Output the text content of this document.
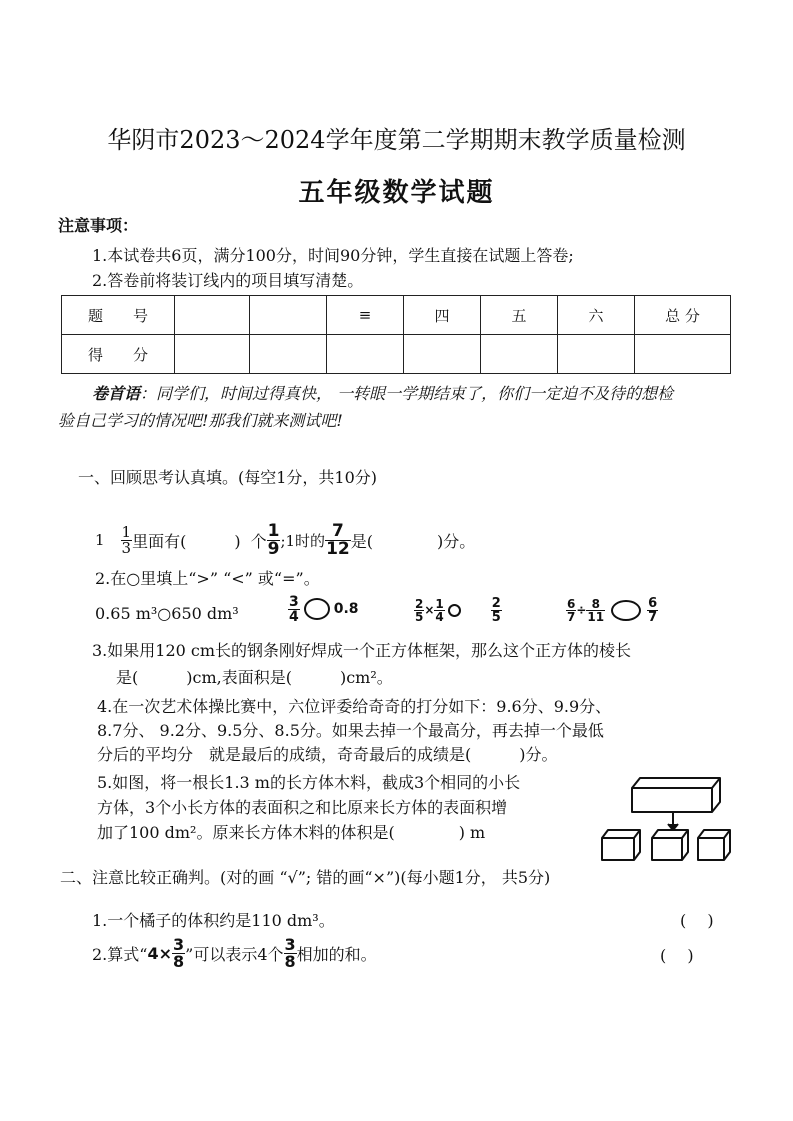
华阴市2023～2024学年度第二学期期末教学质量检测
五年级数学试题
注意事项：
1.本试卷共6页，满分100分，时间90分钟，学生直接在试题上答卷;
2.答卷前将装订线内的项目填写清楚。
题　　号			≡	四	五	六	总 分
得　　分							
卷首语：同学们，时间过得真快， 一转眼一学期结束了，你们一定迫不及待的想检
验自己学习的情况吧!那我们就来测试吧!
一、回顾思考认真填。(每空1分，共10分)
$1 \frac{1}{3}$ 里面有(　　　) 个 $\frac{1}{9}$ ;1时的 $\frac{7}{12}$ 是(　　　　)分。
2.在○里填上“>” “<” 或“=”。
0.65 m³○650 dm³	$\frac{3}{4} 0.8$	$\frac{2}{5} \times \frac{1}{4}$	$\frac{2}{5}$	$\frac{6}{7} \div \frac{8}{11}$	$\frac{6}{7}$
3.如果用120 cm长的钢条刚好焊成一个正方体框架，那么这个正方体的棱长
是(　　　)cm,表面积是(　　　)cm²。
4.在一次艺术体操比赛中，六位评委给奇奇的打分如下：9.6分、9.9分、
8.7分、 9.2分、9.5分、8.5分。如果去掉一个最高分，再去掉一个最低
分后的平均分　就是最后的成绩，奇奇最后的成绩是(　　　)分。
5.如图，将一根长1.3 m的长方体木料，截成3个相同的小长
方体，3个小长方体的表面积之和比原来长方体的表面积增
加了100 dm²。原来长方体木料的体积是(　　　　) m
二、注意比较正确判。(对的画 “√”; 错的画“×”)(每小题1分， 共5分)
1.一个橘子的体积约是110 dm³。	(　 )
2.算式“ $4\times \frac{3}{8}$ ”可以表示4个 $\frac{3}{8}$ 相加的和。	(　 )
